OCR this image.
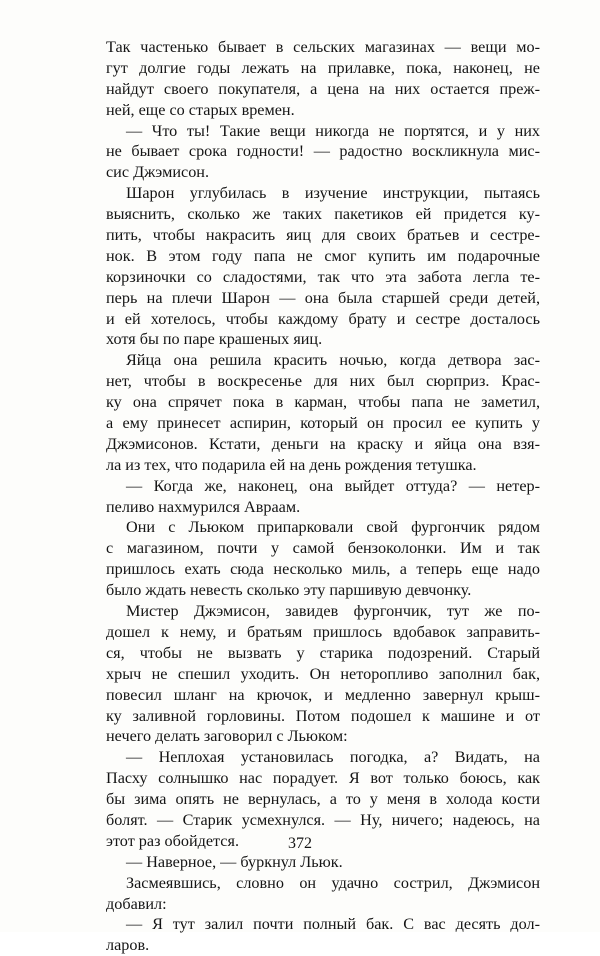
Так частенько бывает в сельских магазинах — вещи мо-
гут долгие годы лежать на прилавке, пока, наконец, не
найдут своего покупателя, а цена на них остается преж-
ней, еще со старых времен.
— Что ты! Такие вещи никогда не портятся, и у них
не бывает срока годности! — радостно воскликнула мис-
сис Джэмисон.
Шарон углубилась в изучение инструкции, пытаясь
выяснить, сколько же таких пакетиков ей придется ку-
пить, чтобы накрасить яиц для своих братьев и сестре-
нок. В этом году папа не смог купить им подарочные
корзиночки со сладостями, так что эта забота легла те-
перь на плечи Шарон — она была старшей среди детей,
и ей хотелось, чтобы каждому брату и сестре досталось
хотя бы по паре крашеных яиц.
Яйца она решила красить ночью, когда детвора зас-
нет, чтобы в воскресенье для них был сюрприз. Крас-
ку она спрячет пока в карман, чтобы папа не заметил,
а ему принесет аспирин, который он просил ее купить у
Джэмисонов. Кстати, деньги на краску и яйца она взя-
ла из тех, что подарила ей на день рождения тетушка.
— Когда же, наконец, она выйдет оттуда? — нетер-
пеливо нахмурился Авраам.
Они с Льюком припарковали свой фургончик рядом
с магазином, почти у самой бензоколонки. Им и так
пришлось ехать сюда несколько миль, а теперь еще надо
было ждать невесть сколько эту паршивую девчонку.
Мистер Джэмисон, завидев фургончик, тут же по-
дошел к нему, и братьям пришлось вдобавок заправить-
ся, чтобы не вызвать у старика подозрений. Старый
хрыч не спешил уходить. Он неторопливо заполнил бак,
повесил шланг на крючок, и медленно завернул крыш-
ку заливной горловины. Потом подошел к машине и от
нечего делать заговорил с Льюком:
— Неплохая установилась погодка, а? Видать, на
Пасху солнышко нас порадует. Я вот только боюсь, как
бы зима опять не вернулась, а то у меня в холода кости
болят. — Старик усмехнулся. — Ну, ничего; надеюсь, на
этот раз обойдется.
— Наверное, — буркнул Льюк.
Засмеявшись, словно он удачно сострил, Джэмисон
добавил:
— Я тут залил почти полный бак. С вас десять дол-
ларов.
372
